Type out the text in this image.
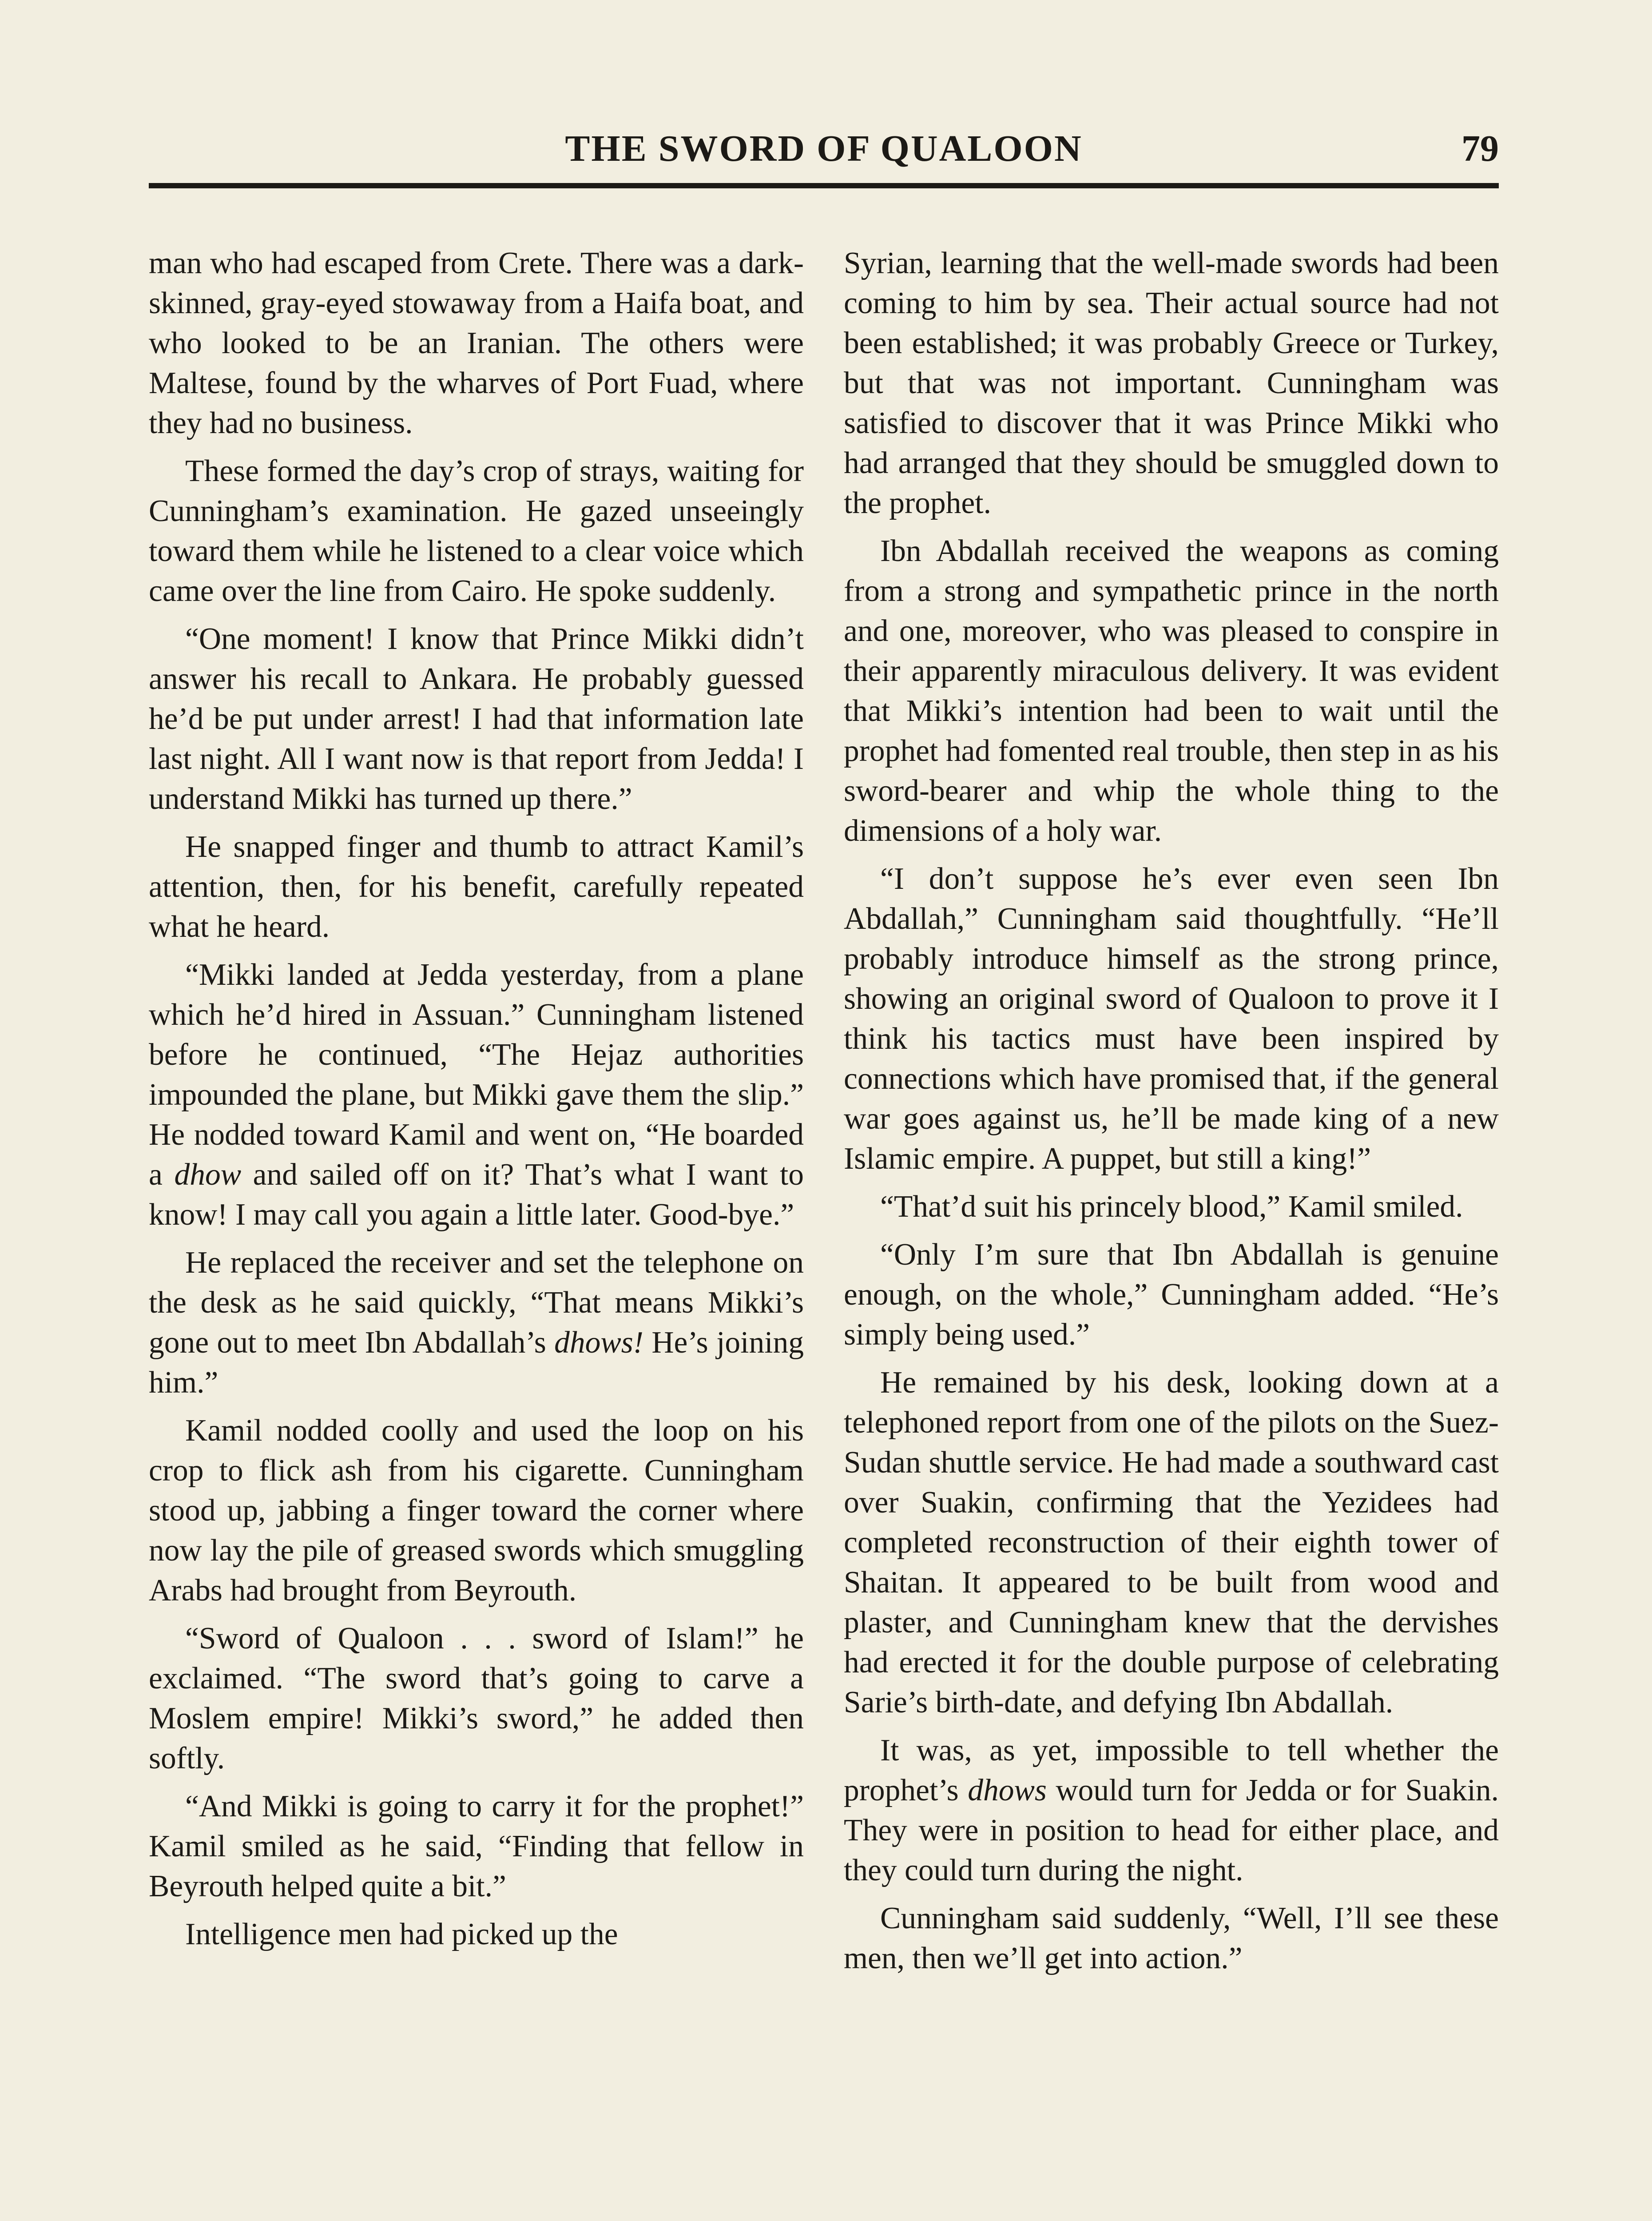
THE SWORD OF QUALOON	79

man who had escaped from Crete. There was a dark-skinned, gray-eyed stowaway from a Haifa boat, and who looked to be an Iranian. The others were Maltese, found by the wharves of Port Fuad, where they had no business.

These formed the day’s crop of strays, waiting for Cunningham’s examination. He gazed unseeingly toward them while he listened to a clear voice which came over the line from Cairo. He spoke suddenly.

“One moment! I know that Prince Mikki didn’t answer his recall to Ankara. He probably guessed he’d be put under arrest! I had that information late last night. All I want now is that report from Jedda! I understand Mikki has turned up there.”

He snapped finger and thumb to attract Kamil’s attention, then, for his benefit, carefully repeated what he heard.

“Mikki landed at Jedda yesterday, from a plane which he’d hired in Assuan.” Cunningham listened before he continued, “The Hejaz authorities impounded the plane, but Mikki gave them the slip.” He nodded toward Kamil and went on, “He boarded a dhow and sailed off on it? That’s what I want to know! I may call you again a little later. Good-bye.”

He replaced the receiver and set the telephone on the desk as he said quickly, “That means Mikki’s gone out to meet Ibn Abdallah’s dhows! He’s joining him.”

Kamil nodded coolly and used the loop on his crop to flick ash from his cigarette. Cunningham stood up, jabbing a finger toward the corner where now lay the pile of greased swords which smuggling Arabs had brought from Beyrouth.

“Sword of Qualoon . . . sword of Islam!” he exclaimed. “The sword that’s going to carve a Moslem empire! Mikki’s sword,” he added then softly.

“And Mikki is going to carry it for the prophet!” Kamil smiled as he said, “Finding that fellow in Beyrouth helped quite a bit.”

Intelligence men had picked up the

Syrian, learning that the well-made swords had been coming to him by sea. Their actual source had not been established; it was probably Greece or Turkey, but that was not important. Cunningham was satisfied to discover that it was Prince Mikki who had arranged that they should be smuggled down to the prophet.

Ibn Abdallah received the weapons as coming from a strong and sympathetic prince in the north and one, moreover, who was pleased to conspire in their apparently miraculous delivery. It was evident that Mikki’s intention had been to wait until the prophet had fomented real trouble, then step in as his sword-bearer and whip the whole thing to the dimensions of a holy war.

“I don’t suppose he’s ever even seen Ibn Abdallah,” Cunningham said thoughtfully. “He’ll probably introduce himself as the strong prince, showing an original sword of Qualoon to prove it I think his tactics must have been inspired by connections which have promised that, if the general war goes against us, he’ll be made king of a new Islamic empire. A puppet, but still a king!”

“That’d suit his princely blood,” Kamil smiled.

“Only I’m sure that Ibn Abdallah is genuine enough, on the whole,” Cunningham added. “He’s simply being used.”

He remained by his desk, looking down at a telephoned report from one of the pilots on the Suez-Sudan shuttle service. He had made a southward cast over Suakin, confirming that the Yezidees had completed reconstruction of their eighth tower of Shaitan. It appeared to be built from wood and plaster, and Cunningham knew that the dervishes had erected it for the double purpose of celebrating Sarie’s birth-date, and defying Ibn Abdallah.

It was, as yet, impossible to tell whether the prophet’s dhows would turn for Jedda or for Suakin. They were in position to head for either place, and they could turn during the night.

Cunningham said suddenly, “Well, I’ll see these men, then we’ll get into action.”
